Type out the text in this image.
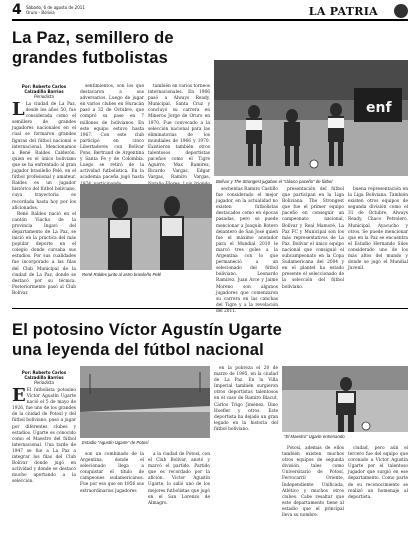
4 Sábado, 6 de agosto de 2011
Oruro - Bolivia	LA PATRIA
La Paz, semillero de
grandes futbolistas
Por: Roberto Carlos
Calzadilla Barrios
Periodista
L La ciudad de La Paz, desde los años 50, fue considerada como el semillero de grandes jugadores nacionales en el cual se formaron grandes figuras del fútbol nacional e internacional. Mencionamos a René Raldes Calderón, quien es el único boliviano que se ha enfrentado al gran jugador brasileño Pelé, en el fútbol profesional y amateur. Raldes es un jugador histórico del fútbol boliviano, cuya trayectoria es recordada hasta hoy por los aficionados.

René Raldes nació en el cantón Viacha de la provincia Ingavi del departamento de La Paz, se inició en la práctica del más popular deporte en el colegio donde cursaba sus estudios. Por sus cualidades fue incorporado a las filas del Club Municipal de la ciudad de La Paz, donde se destacó por su técnica. Posteriormente pasó al Club Bolívar.

sentimientos, son los que destacaron a sus adversarios. Luego de jugar en varios clubes en Huracán pasó a 32 de Octubre, que compró su pase en 7 millones de bolivianos. En este equipo estuvo hasta 1967. Con este club participó en cinco Libertadores con Bolívar Pons, Bertrand de Argentina y Santa Fe y de Colombia. Luego se retiró de la actividad futbolística. En la academia paceña jugó hasta

también en varios torneos internacionales. En 1966 pasó a Always Ready, Municipal, Santa Cruz y concluyó su carrera en Mineros Jorge de Oruro en 1970. Fue convocado a la selección nacional para las eliminatorias de los mundiales de 1966 y 1970. Existieron también otros talentosos deportistas paceños como el Tigre Aguirre, Max Ramírez, Ricardo Vargas, Edgar Vargas, Ramiro Vargas,

enf
Bolívar y The Strongest jugaban el "clásico paceño" de fútbol
René Raldes junto al astro brasileño Pelé

sechentas Ramiro Castillo fue considerado el mejor jugador, en la actualidad no existen futbolistas destacados como en épocas pasadas, pero se puede mencionar a Joaquín Botero delantero de San José quien fue el máximo anotador para el Mundial 2010 le marcó tres goles a la Argentina con lo que permaneció a un selecionado del fútbol boliviano. Leonardo Ramírez, Juan Arce y Jaime Moreno son algunos jugadores que comenzaron su carrera en las canchas del Tigre y a la revelación del 2011.

presentación del fútbol que participan en la Liga Boliviana. The Strongest que fue el primer equipo paceño en conseguir un campeonato nacional, Bolívar y Real Mamoré, La Paz FC y Municipal son los más representativos de La Paz. Bolívar el único equipo nacional que consiguió el subcampeonato en la Copa Sudamericana del 2004 y en el plantel ha estado presente el seleccionado de la selección del fútbol boliviano.

buena representación en la Liga Boliviana. También existen otros equipos de segunda división como el 31 de Octubre, Always Ready, Chaco Petrolero, Municipal, Ayacucho y otros. Se puede mencionar que en la Paz se encuentra el Estadio Hernando Siles considerado uno de los más altos del mundo y donde se jugó el Mundial Juvenil.

El potosino Víctor Agustín Ugarte
una leyenda del fútbol nacional
Por: Roberto Carlos
Calzadilla Barrios
Periodista
E El futbolista potosino Víctor Agustín Ugarte nació el 5 de mayo de 1926, fue uno de los grandes de la ciudad de Potosí y del fútbol boliviano, pasó a jugar por diferentes clubes y estadios. Ugarte es conocido como el Maestro del fútbol internacional. Una tarde de 1947 se fue a La Paz a integrar los filas del Club Bolívar donde jugó en actividad y donde se destacó mucho aportando a la selección.

Estadio "Agustín Ugarte" de Potosí

son un combinado de la Argentina, donde el selecionado llega a conquistar el título de campeones sudamericanos. Fue por eso que en 1956 sus extraordinarios jugadores

a la ciudad de Potosí, con el Club Bolívar, anotó y marcó el partido. Partido que es recordado por la afición. Víctor Agustín Ugarte, lo salió uno de los mejores futbolistas que jugó en el San Lorenzo de Almagro.

en la pobreza el 20 de marzo de 1995, en la ciudad de La Paz. En la Villa Imperial también surgieron otros deportistas talentosos en el caso de Ramiro Blacut, Carlos Trigo Jiménez, Dino Hoefler y otros. Este deportista ha dejado un gran legado en la historia del fútbol boliviano.

"El Maestro" Ugarte entrenando

Potosí, además de ellos también existen muchos otros equipos de segunda división, tales como Universitario de Potosí, Ferrocarril Oriente, Independiente Unificada, Atlético y muchos otros clubes. Cabe resaltar que este departamento tiene al estadio que el principal lleva su nombre.

ciudad, pero aún el tercero fue del equipo que coronado a Víctor Agustín Ugarte por el talentoso jugador que surgió en ese departamento. Como parte de su reconocimiento se realizó un homenaje al deportista.
